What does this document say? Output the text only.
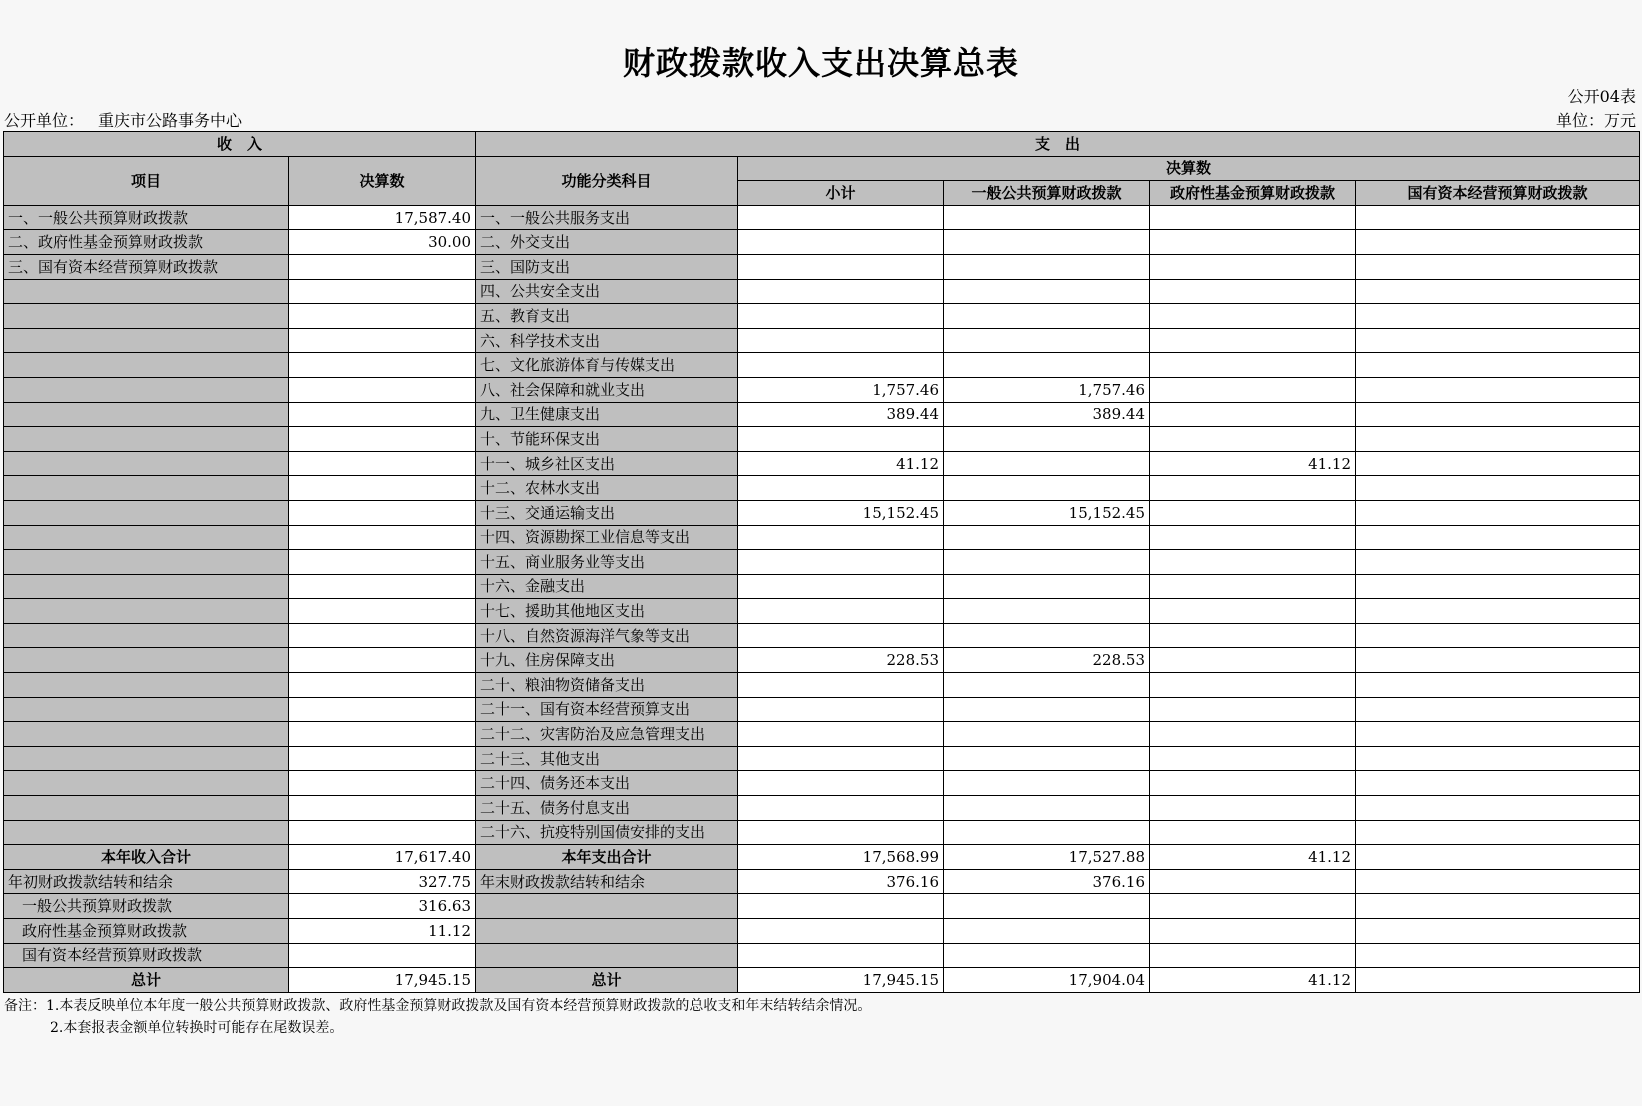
财政拨款收入支出决算总表
公开04表
公开单位： 重庆市公路事务中心	单位：万元
收　入		支　出				
项目	决算数	功能分类科目	决算数			
			小计	一般公共预算财政拨款	政府性基金预算财政拨款	国有资本经营预算财政拨款
一、一般公共预算财政拨款	17,587.40	一、一般公共服务支出				
二、政府性基金预算财政拨款	30.00	二、外交支出				
三、国有资本经营预算财政拨款		三、国防支出				
		四、公共安全支出				
		五、教育支出				
		六、科学技术支出				
		七、文化旅游体育与传媒支出				
		八、社会保障和就业支出	1,757.46	1,757.46		
		九、卫生健康支出	389.44	389.44		
		十、节能环保支出				
		十一、城乡社区支出	41.12		41.12	
		十二、农林水支出				
		十三、交通运输支出	15,152.45	15,152.45		
		十四、资源勘探工业信息等支出				
		十五、商业服务业等支出				
		十六、金融支出				
		十七、援助其他地区支出				
		十八、自然资源海洋气象等支出				
		十九、住房保障支出	228.53	228.53		
		二十、粮油物资储备支出				
		二十一、国有资本经营预算支出				
		二十二、灾害防治及应急管理支出				
		二十三、其他支出				
		二十四、债务还本支出				
		二十五、债务付息支出				
		二十六、抗疫特别国债安排的支出				
本年收入合计	17,617.40	本年支出合计	17,568.99	17,527.88	41.12	
年初财政拨款结转和结余	327.75	年末财政拨款结转和结余	376.16	376.16		
一般公共预算财政拨款	316.63					
政府性基金预算财政拨款	11.12					
国有资本经营预算财政拨款						
总计	17,945.15	总计	17,945.15	17,904.04	41.12	
备注：1.本表反映单位本年度一般公共预算财政拨款、政府性基金预算财政拨款及国有资本经营预算财政拨款的总收支和年末结转结余情况。
2.本套报表金额单位转换时可能存在尾数误差。
